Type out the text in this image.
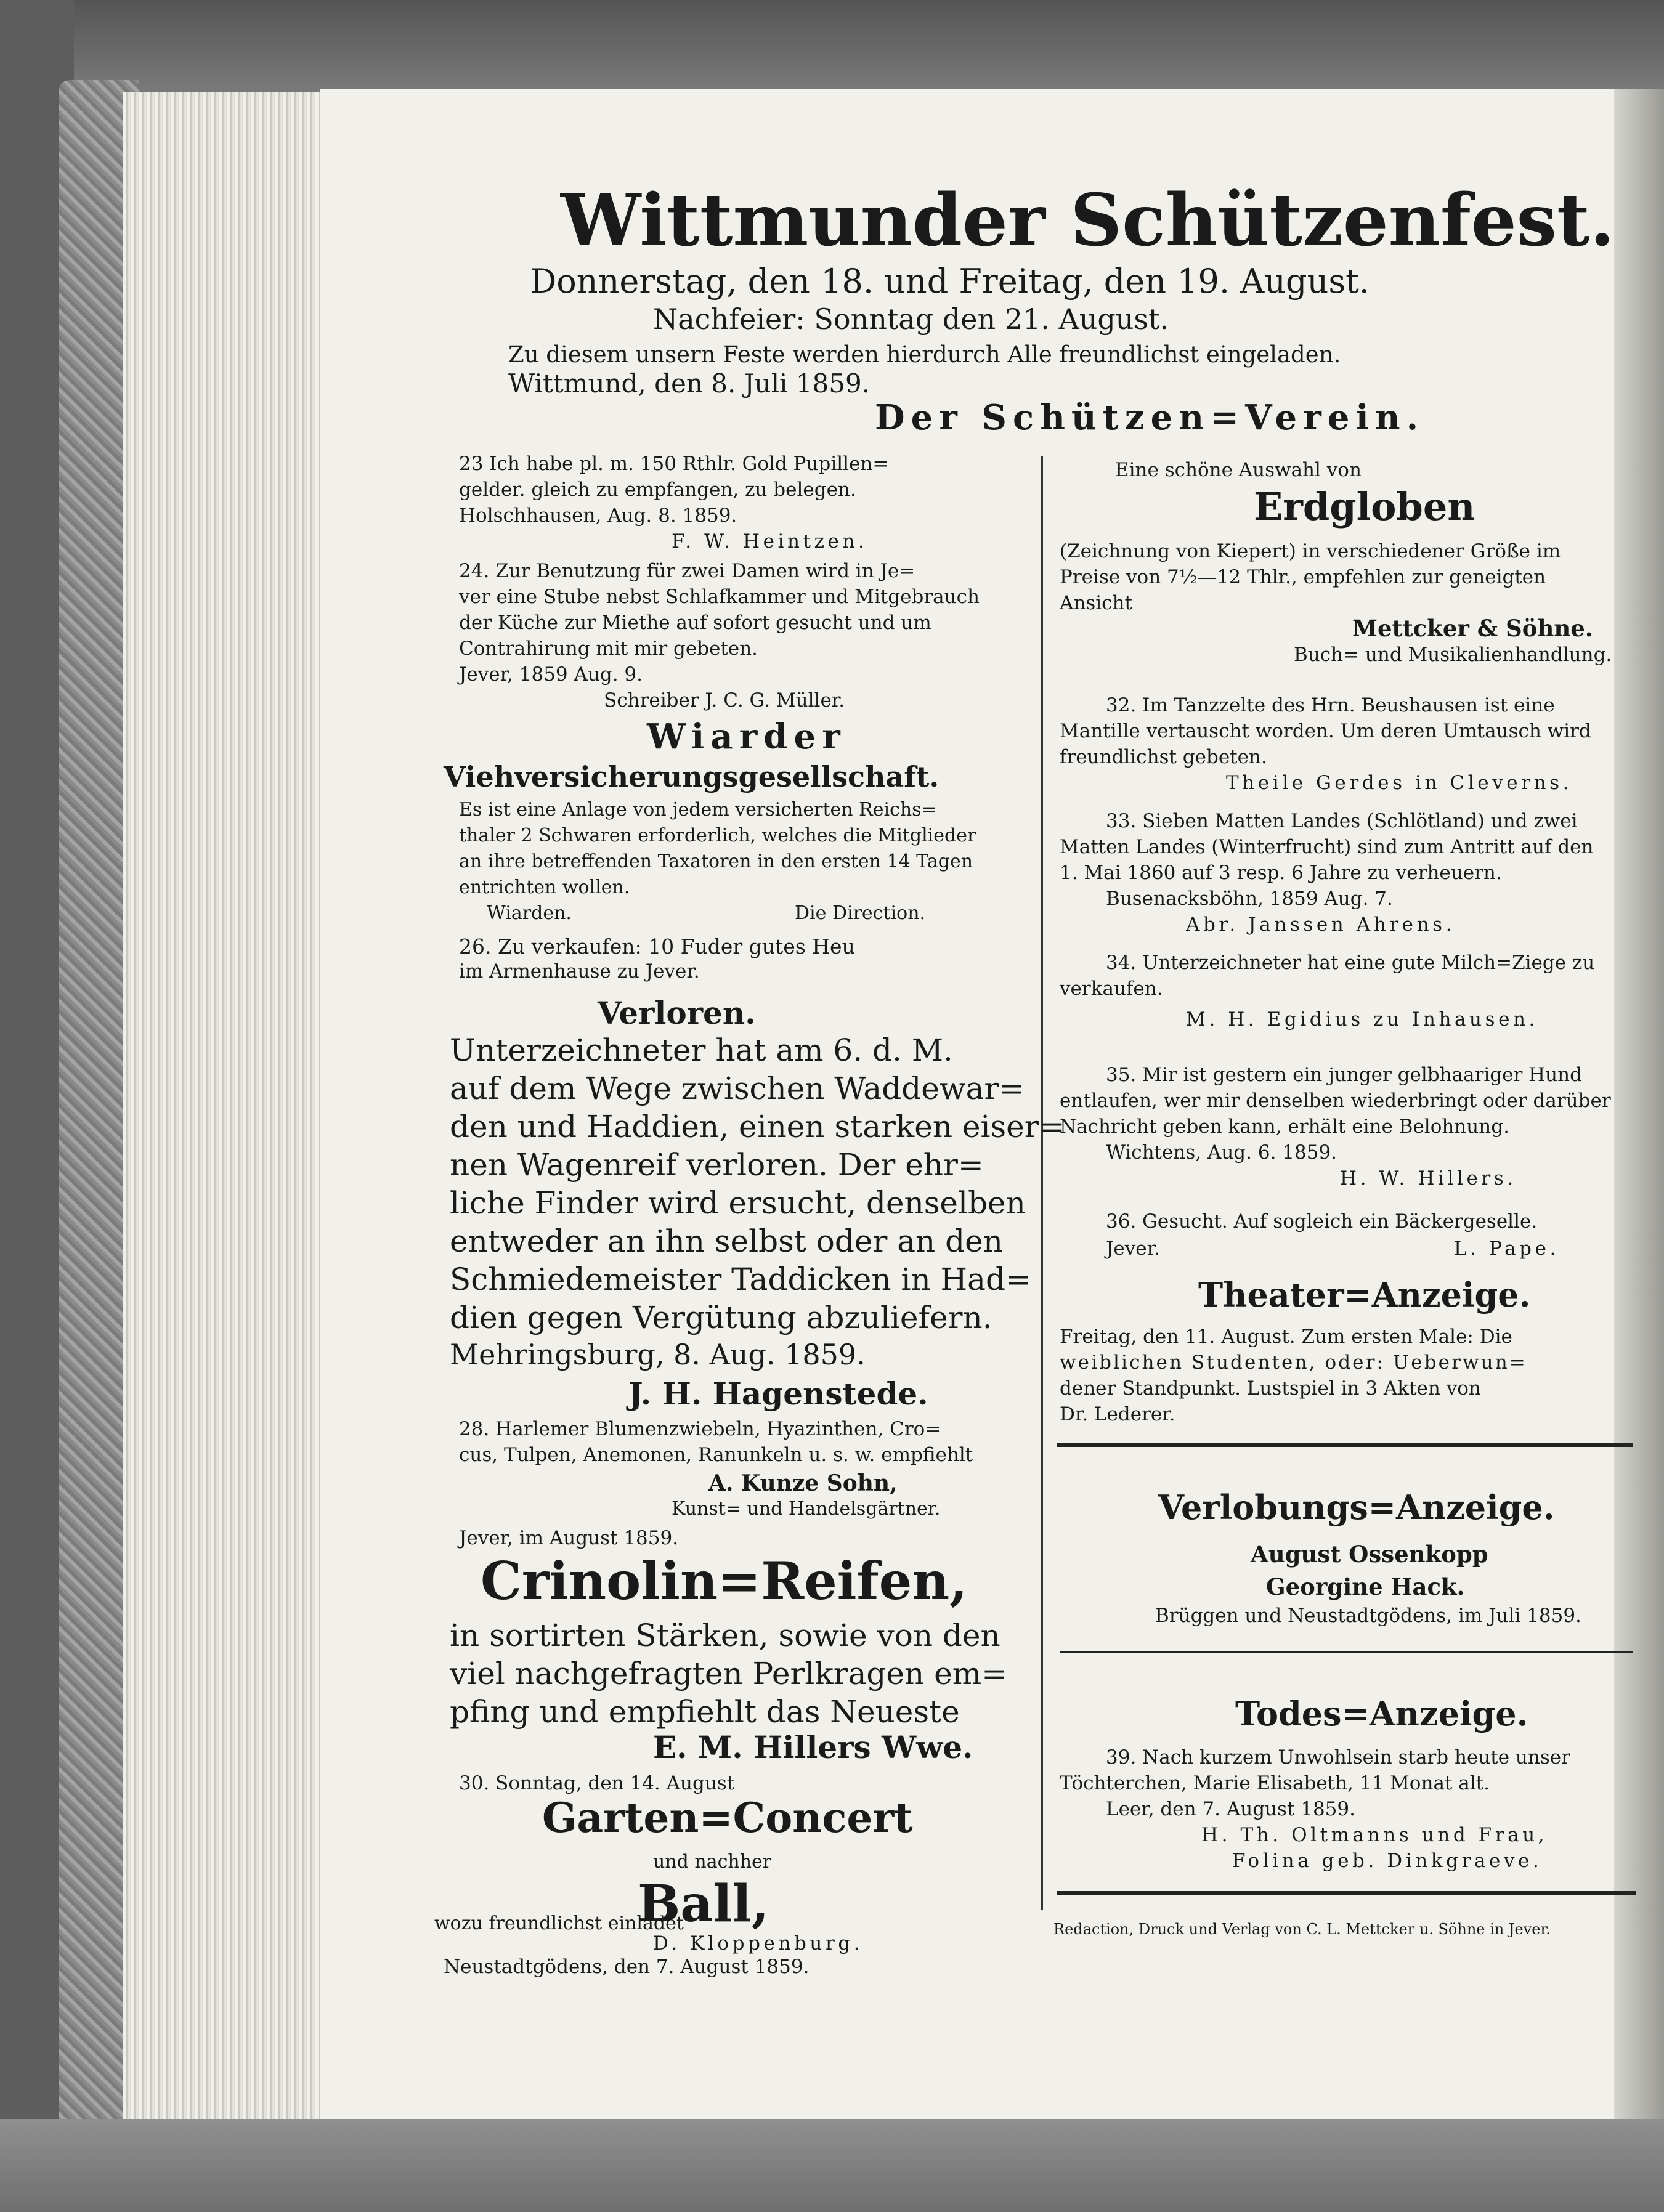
Wittmunder Schützenfest.
Donnerstag, den 18. und Freitag, den 19. August.
Nachfeier: Sonntag den 21. August.
Zu diesem unsern Feste werden hierdurch Alle freundlichst eingeladen.
Wittmund, den 8. Juli 1859.
Der Schützen=Verein.
23 Ich habe pl. m. 150 Rthlr. Gold Pupillen=
gelder. gleich zu empfangen, zu belegen.
Holschhausen, Aug. 8. 1859.
F. W. Heintzen.
24. Zur Benutzung für zwei Damen wird in Je=
ver eine Stube nebst Schlafkammer und Mitgebrauch
der Küche zur Miethe auf sofort gesucht und um
Contrahirung mit mir gebeten.
Jever, 1859 Aug. 9.
Schreiber J. C. G. Müller.
Wiarder
Viehversicherungsgesellschaft.
Es ist eine Anlage von jedem versicherten Reichs=
thaler 2 Schwaren erforderlich, welches die Mitglieder
an ihre betreffenden Taxatoren in den ersten 14 Tagen
entrichten wollen.
Wiarden.	Die Direction.
26. Zu verkaufen: 10 Fuder gutes Heu
im Armenhause zu Jever.
Verloren.
Unterzeichneter hat am 6. d. M.
auf dem Wege zwischen Waddewar=
den und Haddien, einen starken eiser=
nen Wagenreif verloren. Der ehr=
liche Finder wird ersucht, denselben
entweder an ihn selbst oder an den
Schmiedemeister Taddicken in Had=
dien gegen Vergütung abzuliefern.
Mehringsburg, 8. Aug. 1859.
J. H. Hagenstede.
28. Harlemer Blumenzwiebeln, Hyazinthen, Cro=
cus, Tulpen, Anemonen, Ranunkeln u. s. w. empfiehlt
A. Kunze Sohn,
Kunst= und Handelsgärtner.
Jever, im August 1859.
Crinolin=Reifen,
in sortirten Stärken, sowie von den
viel nachgefragten Perlkragen em=
pfing und empfiehlt das Neueste
E. M. Hillers Wwe.
30. Sonntag, den 14. August
Garten=Concert
und nachher
Ball,
wozu freundlichst einladet
D. Kloppenburg.
Neustadtgödens, den 7. August 1859.
Eine schöne Auswahl von
Erdgloben
(Zeichnung von Kiepert) in verschiedener Größe im
Preise von 7½—12 Thlr., empfehlen zur geneigten
Ansicht
Mettcker & Söhne.
Buch= und Musikalienhandlung.
32. Im Tanzzelte des Hrn. Beushausen ist eine
Mantille vertauscht worden. Um deren Umtausch wird
freundlichst gebeten.
Theile Gerdes in Cleverns.
33. Sieben Matten Landes (Schlötland) und zwei
Matten Landes (Winterfrucht) sind zum Antritt auf den
1. Mai 1860 auf 3 resp. 6 Jahre zu verheuern.
Busenacksböhn, 1859 Aug. 7.
Abr. Janssen Ahrens.
34. Unterzeichneter hat eine gute Milch=Ziege zu
verkaufen.
M. H. Egidius zu Inhausen.
35. Mir ist gestern ein junger gelbhaariger Hund
entlaufen, wer mir denselben wiederbringt oder darüber
Nachricht geben kann, erhält eine Belohnung.
Wichtens, Aug. 6. 1859.
H. W. Hillers.
36. Gesucht. Auf sogleich ein Bäckergeselle.
Jever.	L. Pape.
Theater=Anzeige.
Freitag, den 11. August. Zum ersten Male: Die
weiblichen Studenten, oder: Ueberwun=
dener Standpunkt. Lustspiel in 3 Akten von
Dr. Lederer.
Verlobungs=Anzeige.
August Ossenkopp
Georgine Hack.
Brüggen und Neustadtgödens, im Juli 1859.
Todes=Anzeige.
39. Nach kurzem Unwohlsein starb heute unser
Töchterchen, Marie Elisabeth, 11 Monat alt.
Leer, den 7. August 1859.
H. Th. Oltmanns und Frau,
Folina geb. Dinkgraeve.
Redaction, Druck und Verlag von C. L. Mettcker u. Söhne in Jever.
